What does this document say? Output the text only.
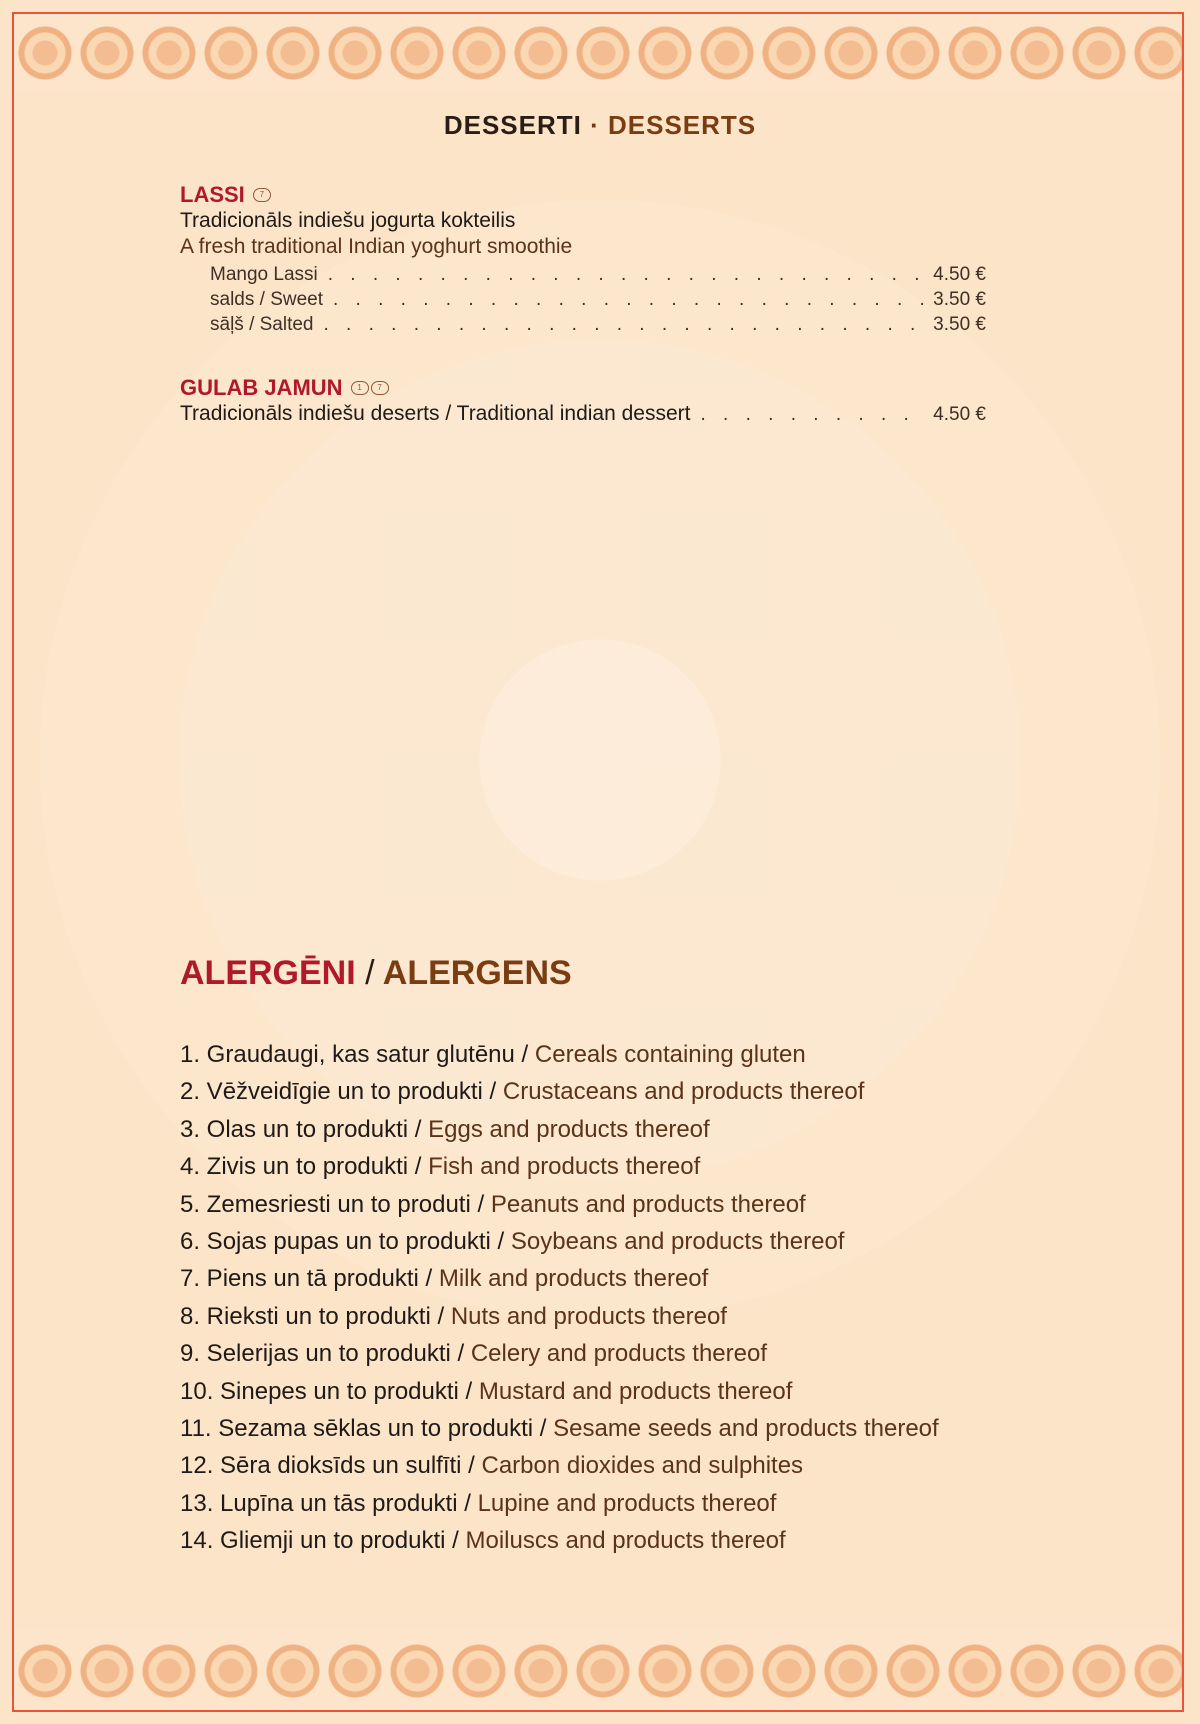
DESSERTI · DESSERTS
LASSI	7
Tradicionāls indiešu jogurta kokteilis
A fresh traditional Indian yoghurt smoothie
Mango Lassi . . .	4.50 €
salds / Sweet . . .	3.50 €
sāļš / Salted . . .	3.50 €
GULAB JAMUN	1	7
Tradicionāls indiešu deserts / Traditional indian dessert . . .	4.50 €
ALERGĒNI / ALERGENS
1. Graudaugi, kas satur glutēnu / Cereals containing gluten
2. Vēžveidīgie un to produkti / Crustaceans and products thereof
3. Olas un to produkti / Eggs and products thereof
4. Zivis un to produkti / Fish and products thereof
5. Zemesriesti un to produti / Peanuts and products thereof
6. Sojas pupas un to produkti / Soybeans and products thereof
7. Piens un tā produkti / Milk and products thereof
8. Rieksti un to produkti / Nuts and products thereof
9. Selerijas un to produkti / Celery and products thereof
10. Sinepes un to produkti / Mustard and products thereof
11. Sezama sēklas un to produkti / Sesame seeds and products thereof
12. Sēra dioksīds un sulfīti / Carbon dioxides and sulphites
13. Lupīna un tās produkti / Lupine and products thereof
14. Gliemji un to produkti / Moiluscs and products thereof
